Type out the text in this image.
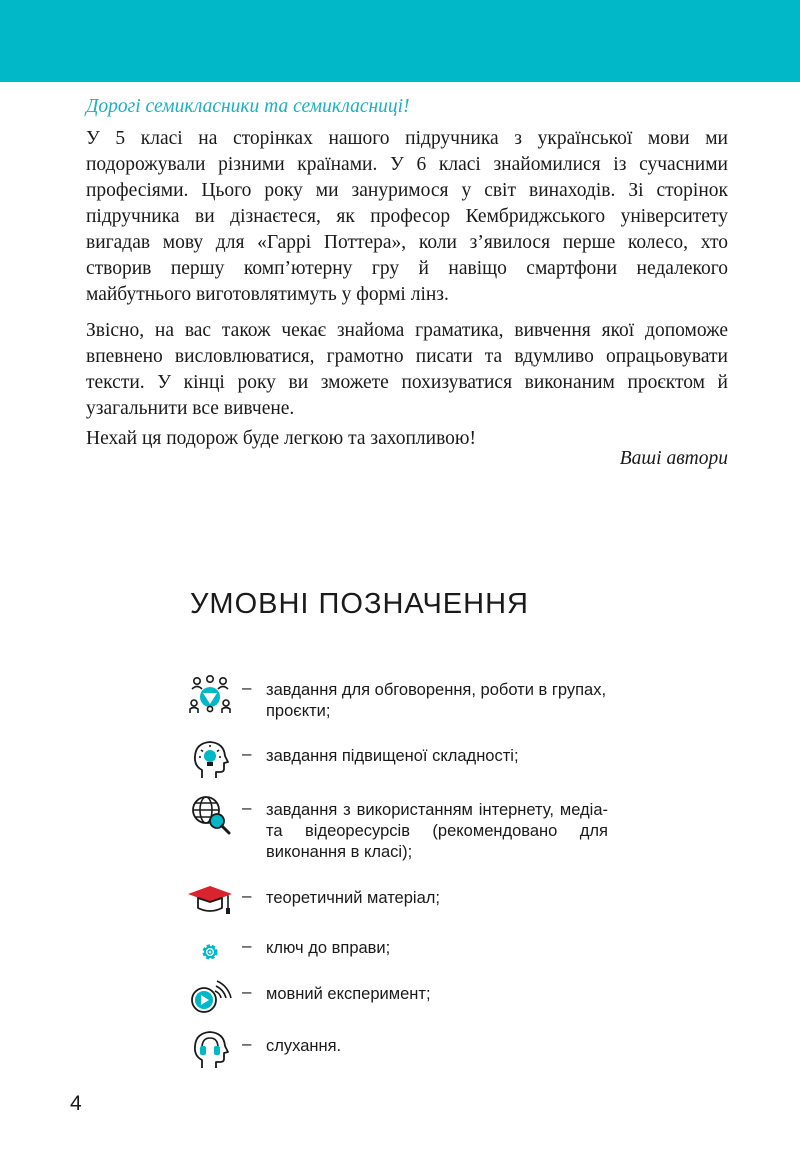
Дорогі семикласники та семикласниці!
У 5 класі на сторінках нашого підручника з української мови ми подорожували різними країнами. У 6 класі знайомилися із сучасними професіями. Цього року ми зануримося у світ винаходів. Зі сторінок підручника ви дізнаєтеся, як професор Кембриджського університету вигадав мову для «Гаррі Поттера», коли з’явилося перше колесо, хто створив першу комп’ютерну гру й навіщо смартфони недалекого майбутнього виготовлятимуть у формі лінз.
Звісно, на вас також чекає знайома граматика, вивчення якої допоможе впевнено висловлюватися, грамотно писати та вдумливо опрацьовувати тексти. У кінці року ви зможете похизуватися виконаним проєктом й узагальнити все вивчене.
Нехай ця подорож буде легкою та захопливою!
Ваші автори
УМОВНІ ПОЗНАЧЕННЯ
– завдання для обговорення, роботи в групах, проєкти;
– завдання підвищеної складності;
– завдання з використанням інтернету, медіа- та відеоресурсів (рекомендовано для виконання в класі);
– теоретичний матеріал;
– ключ до вправи;
– мовний експеримент;
– слухання.
4
